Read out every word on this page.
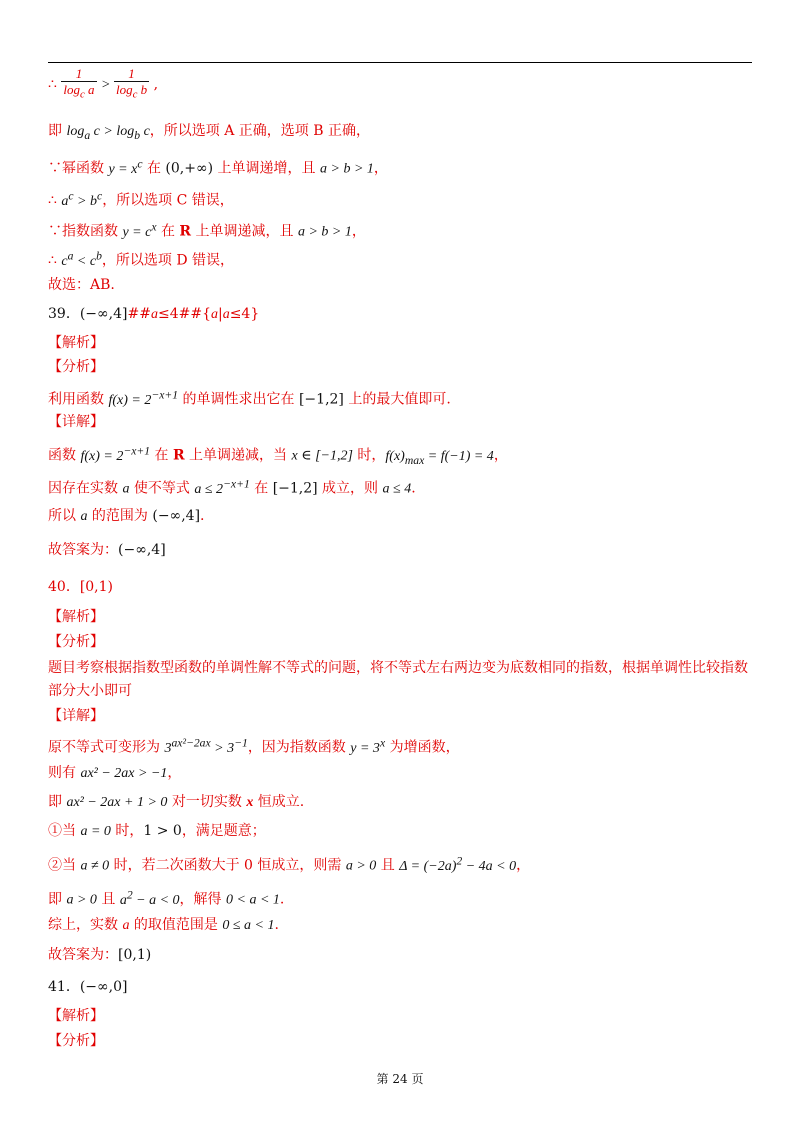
∴ $\frac{1}{\log_c a} > \frac{1}{\log_c b}$ ,
即 $\log_a c > \log_b c$，所以选项 A 正确，选项 B 正确，
∵幂函数 $y = x^c$ 在 (0,+∞) 上单调递增，且 a > b > 1，
∴ $a^c > b^c$，所以选项 C 错误，
∵指数函数 $y = c^x$ 在 R 上单调递减，且 a > b > 1，
∴ $c^a < c^b$，所以选项 D 错误，
故选：AB.
39．(−∞,4]##a≤4##{a|a≤4}
【解析】
【分析】
利用函数 $f(x) = 2^{-x+1}$ 的单调性求出它在 [−1,2] 上的最大值即可.
【详解】
函数 $f(x) = 2^{-x+1}$ 在 R 上单调递减，当 x ∈ [−1,2] 时，$f(x)_{max} = f(-1) = 4$，
因存在实数 a 使不等式 $a \le 2^{-x+1}$ 在 [−1,2] 成立，则 a ≤ 4.
所以 a 的范围为 (−∞,4].
故答案为：(−∞,4]
40．[0,1)
【解析】
【分析】
题目考察根据指数型函数的单调性解不等式的问题，将不等式左右两边变为底数相同的指数，根据单调性比较指数部分大小即可
【详解】
原不等式可变形为 $3^{ax^2-2ax} > 3^{-1}$，因为指数函数 $y = 3^x$ 为增函数，
则有 ax² − 2ax > −1，
即 ax² − 2ax + 1 > 0 对一切实数 x 恒成立.
①当 a = 0 时，1 > 0，满足题意；
②当 a ≠ 0 时，若二次函数大于 0 恒成立，则需 a > 0 且 $\Delta = (-2a)^2 - 4a < 0$，
即 a > 0 且 $a^2 - a < 0$，解得 0 < a < 1.
综上，实数 a 的取值范围是 0 ≤ a < 1.
故答案为：[0,1)
41．(−∞,0]
【解析】
【分析】
第 24 页
